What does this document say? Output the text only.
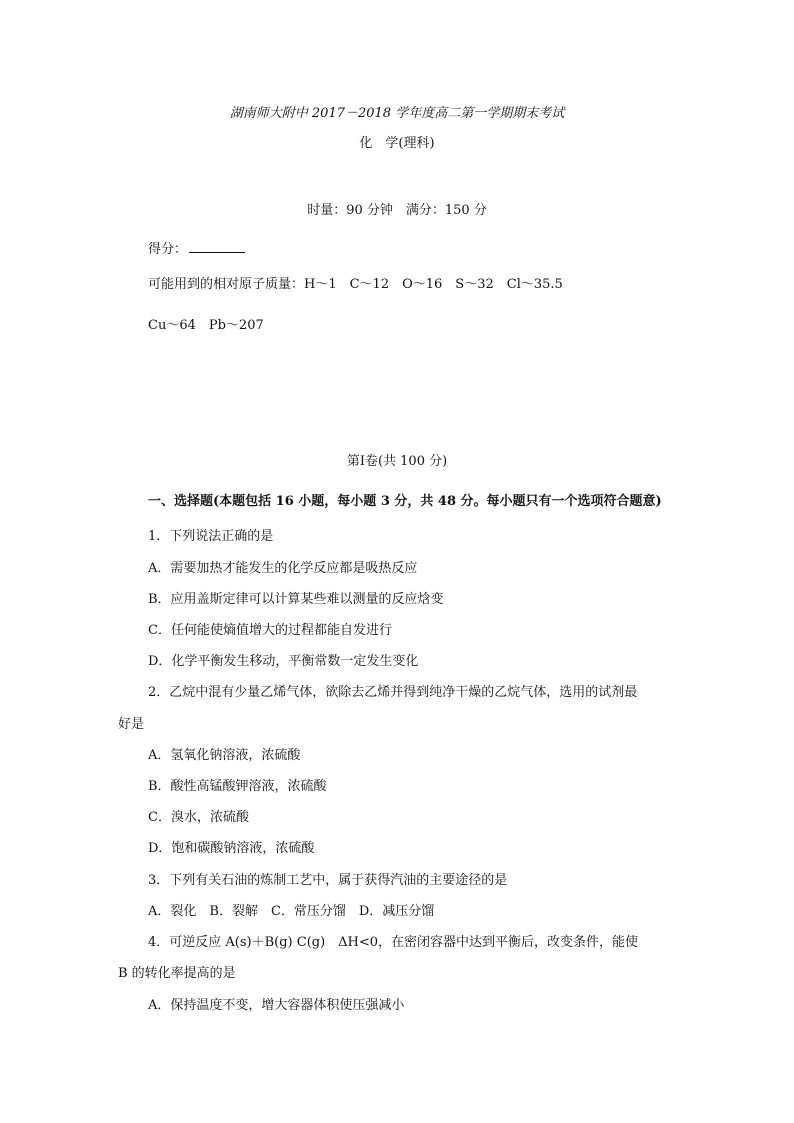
湖南师大附中 2017－2018 学年度高二第一学期期末考试
化　学(理科)
时量：90 分钟　满分：150 分
得分：
可能用到的相对原子质量：H～1　C～12　O～16　S～32　Cl～35.5
Cu～64　Pb～207
第Ⅰ卷(共 100 分)
一、选择题(本题包括 16 小题，每小题 3 分，共 48 分。每小题只有一个选项符合题意)
1．下列说法正确的是
A．需要加热才能发生的化学反应都是吸热反应
B．应用盖斯定律可以计算某些难以测量的反应焓变
C．任何能使熵值增大的过程都能自发进行
D．化学平衡发生移动，平衡常数一定发生变化
2．乙烷中混有少量乙烯气体，欲除去乙烯并得到纯净干燥的乙烷气体，选用的试剂最
好是
A．氢氧化钠溶液，浓硫酸
B．酸性高锰酸钾溶液，浓硫酸
C．溴水，浓硫酸
D．饱和碳酸钠溶液，浓硫酸
3．下列有关石油的炼制工艺中，属于获得汽油的主要途径的是
A．裂化　B．裂解　C．常压分馏　D．减压分馏
4．可逆反应 A(s)＋B(g) C(g)　ΔH<0，在密闭容器中达到平衡后，改变条件，能使
B 的转化率提高的是
A．保持温度不变，增大容器体积使压强减小
